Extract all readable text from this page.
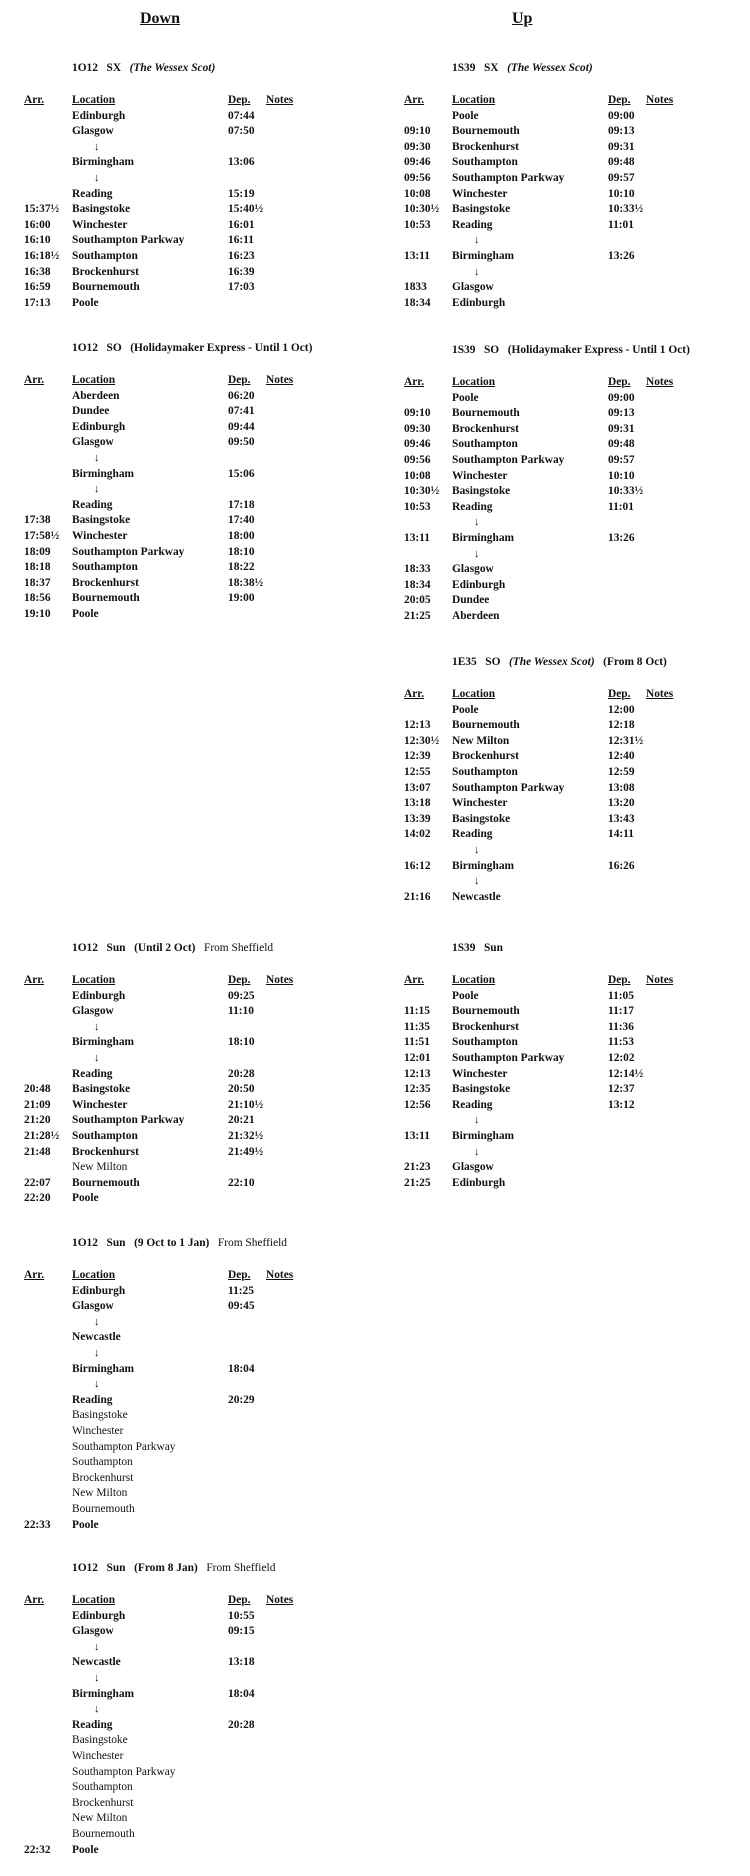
Down	Up
1O12 SX (The Wessex Scot)
Arr. Location	Dep. Notes
Edinburgh	07:44
Glasgow	07:50
↓
Birmingham	13:06
↓
Reading	15:19
15:37½ Basingstoke	15:40½
16:00 Winchester	16:01
16:10 Southampton Parkway	16:11
16:18½ Southampton	16:23
16:38 Brockenhurst	16:39
16:59 Bournemouth	17:03
17:13 Poole
1O12 SO (Holidaymaker Express - Until 1 Oct)
Arr. Location	Dep. Notes
Aberdeen	06:20
Dundee	07:41
Edinburgh	09:44
Glasgow	09:50
↓
Birmingham	15:06
↓
Reading	17:18
17:38 Basingstoke	17:40
17:58½ Winchester	18:00
18:09 Southampton Parkway	18:10
18:18 Southampton	18:22
18:37 Brockenhurst	18:38½
18:56 Bournemouth	19:00
19:10 Poole
1O12 Sun (Until 2 Oct) From Sheffield
Arr. Location	Dep. Notes
Edinburgh	09:25
Glasgow	11:10
↓
Birmingham	18:10
↓
Reading	20:28
20:48 Basingstoke	20:50
21:09 Winchester	21:10½
21:20 Southampton Parkway	20:21
21:28½ Southampton	21:32½
21:48 Brockenhurst	21:49½
New Milton
22:07 Bournemouth	22:10
22:20 Poole
1O12 Sun (9 Oct to 1 Jan) From Sheffield
Arr. Location	Dep. Notes
Edinburgh	11:25
Glasgow	09:45
↓
Newcastle
↓
Birmingham	18:04
↓
Reading	20:29
Basingstoke
Winchester
Southampton Parkway
Southampton
Brockenhurst
New Milton
Bournemouth
22:33 Poole
1O12 Sun (From 8 Jan) From Sheffield
Arr. Location	Dep. Notes
Edinburgh	10:55
Glasgow	09:15
↓
Newcastle	13:18
↓
Birmingham	18:04
↓
Reading	20:28
Basingstoke
Winchester
Southampton Parkway
Southampton
Brockenhurst
New Milton
Bournemouth
22:32 Poole
1S39 SX (The Wessex Scot)
Arr. Location	Dep. Notes
Poole	09:00
09:10 Bournemouth	09:13
09:30 Brockenhurst	09:31
09:46 Southampton	09:48
09:56 Southampton Parkway	09:57
10:08 Winchester	10:10
10:30½ Basingstoke	10:33½
10:53 Reading	11:01
↓
13:11 Birmingham	13:26
↓
1833 Glasgow
18:34 Edinburgh
1S39 SO (Holidaymaker Express - Until 1 Oct)
Arr. Location	Dep. Notes
Poole	09:00
09:10 Bournemouth	09:13
09:30 Brockenhurst	09:31
09:46 Southampton	09:48
09:56 Southampton Parkway	09:57
10:08 Winchester	10:10
10:30½ Basingstoke	10:33½
10:53 Reading	11:01
↓
13:11 Birmingham	13:26
↓
18:33 Glasgow
18:34 Edinburgh
20:05 Dundee
21:25 Aberdeen
1E35 SO (The Wessex Scot) (From 8 Oct)
Arr. Location	Dep. Notes
Poole	12:00
12:13 Bournemouth	12:18
12:30½ New Milton	12:31½
12:39 Brockenhurst	12:40
12:55 Southampton	12:59
13:07 Southampton Parkway	13:08
13:18 Winchester	13:20
13:39 Basingstoke	13:43
14:02 Reading	14:11
↓
16:12 Birmingham	16:26
↓
21:16 Newcastle
1S39 Sun
Arr. Location	Dep. Notes
Poole	11:05
11:15 Bournemouth	11:17
11:35 Brockenhurst	11:36
11:51 Southampton	11:53
12:01 Southampton Parkway	12:02
12:13 Winchester	12:14½
12:35 Basingstoke	12:37
12:56 Reading	13:12
↓
13:11 Birmingham
↓
21:23 Glasgow
21:25 Edinburgh
